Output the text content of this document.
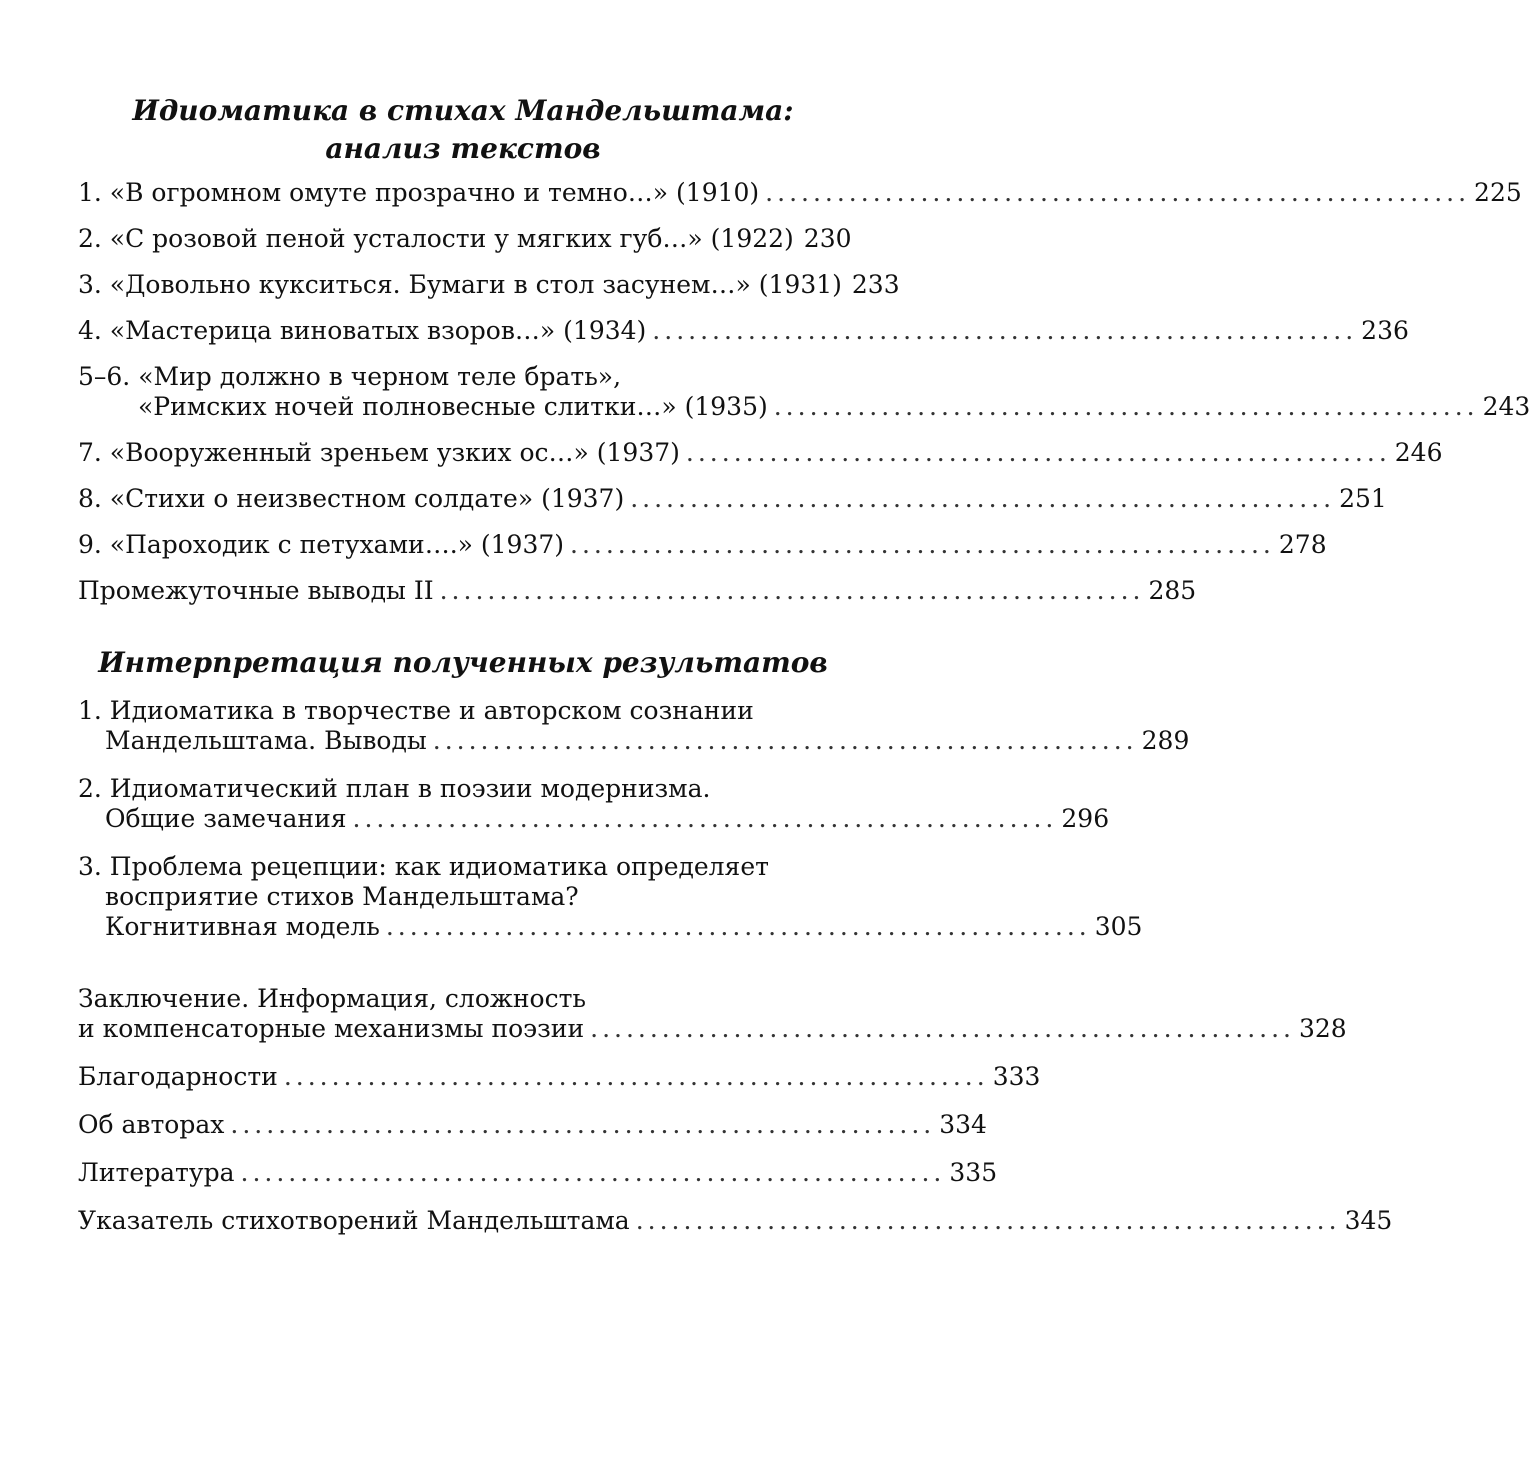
Идиоматика в стихах Мандельштама:
анализ текстов
1. «В огромном омуте прозрачно и темно…» (1910) ........................................................... 225
2. «С розовой пеной усталости у мягких губ…» (1922) 230
3. «Довольно кукситься. Бумаги в стол засунем…» (1931) 233
4. «Мастерица виноватых взоров…» (1934) ........................................................... 236
5–6. «Мир должно в черном теле брать»,
«Римских ночей полновесные слитки…» (1935) ........................................................... 243
7. «Вооруженный зреньем узких ос…» (1937) ........................................................... 246
8. «Стихи о неизвестном солдате» (1937) ........................................................... 251
9. «Пароходик с петухами….» (1937) ........................................................... 278
Промежуточные выводы II ........................................................... 285
Интерпретация полученных результатов
1. Идиоматика в творчестве и авторском сознании
Мандельштама. Выводы ........................................................... 289
2. Идиоматический план в поэзии модернизма.
Общие замечания ........................................................... 296
3. Проблема рецепции: как идиоматика определяет
восприятие стихов Мандельштама?
Когнитивная модель ........................................................... 305
Заключение. Информация, сложность
и компенсаторные механизмы поэзии ........................................................... 328
Благодарности ........................................................... 333
Об авторах ........................................................... 334
Литература ........................................................... 335
Указатель стихотворений Мандельштама ........................................................... 345
